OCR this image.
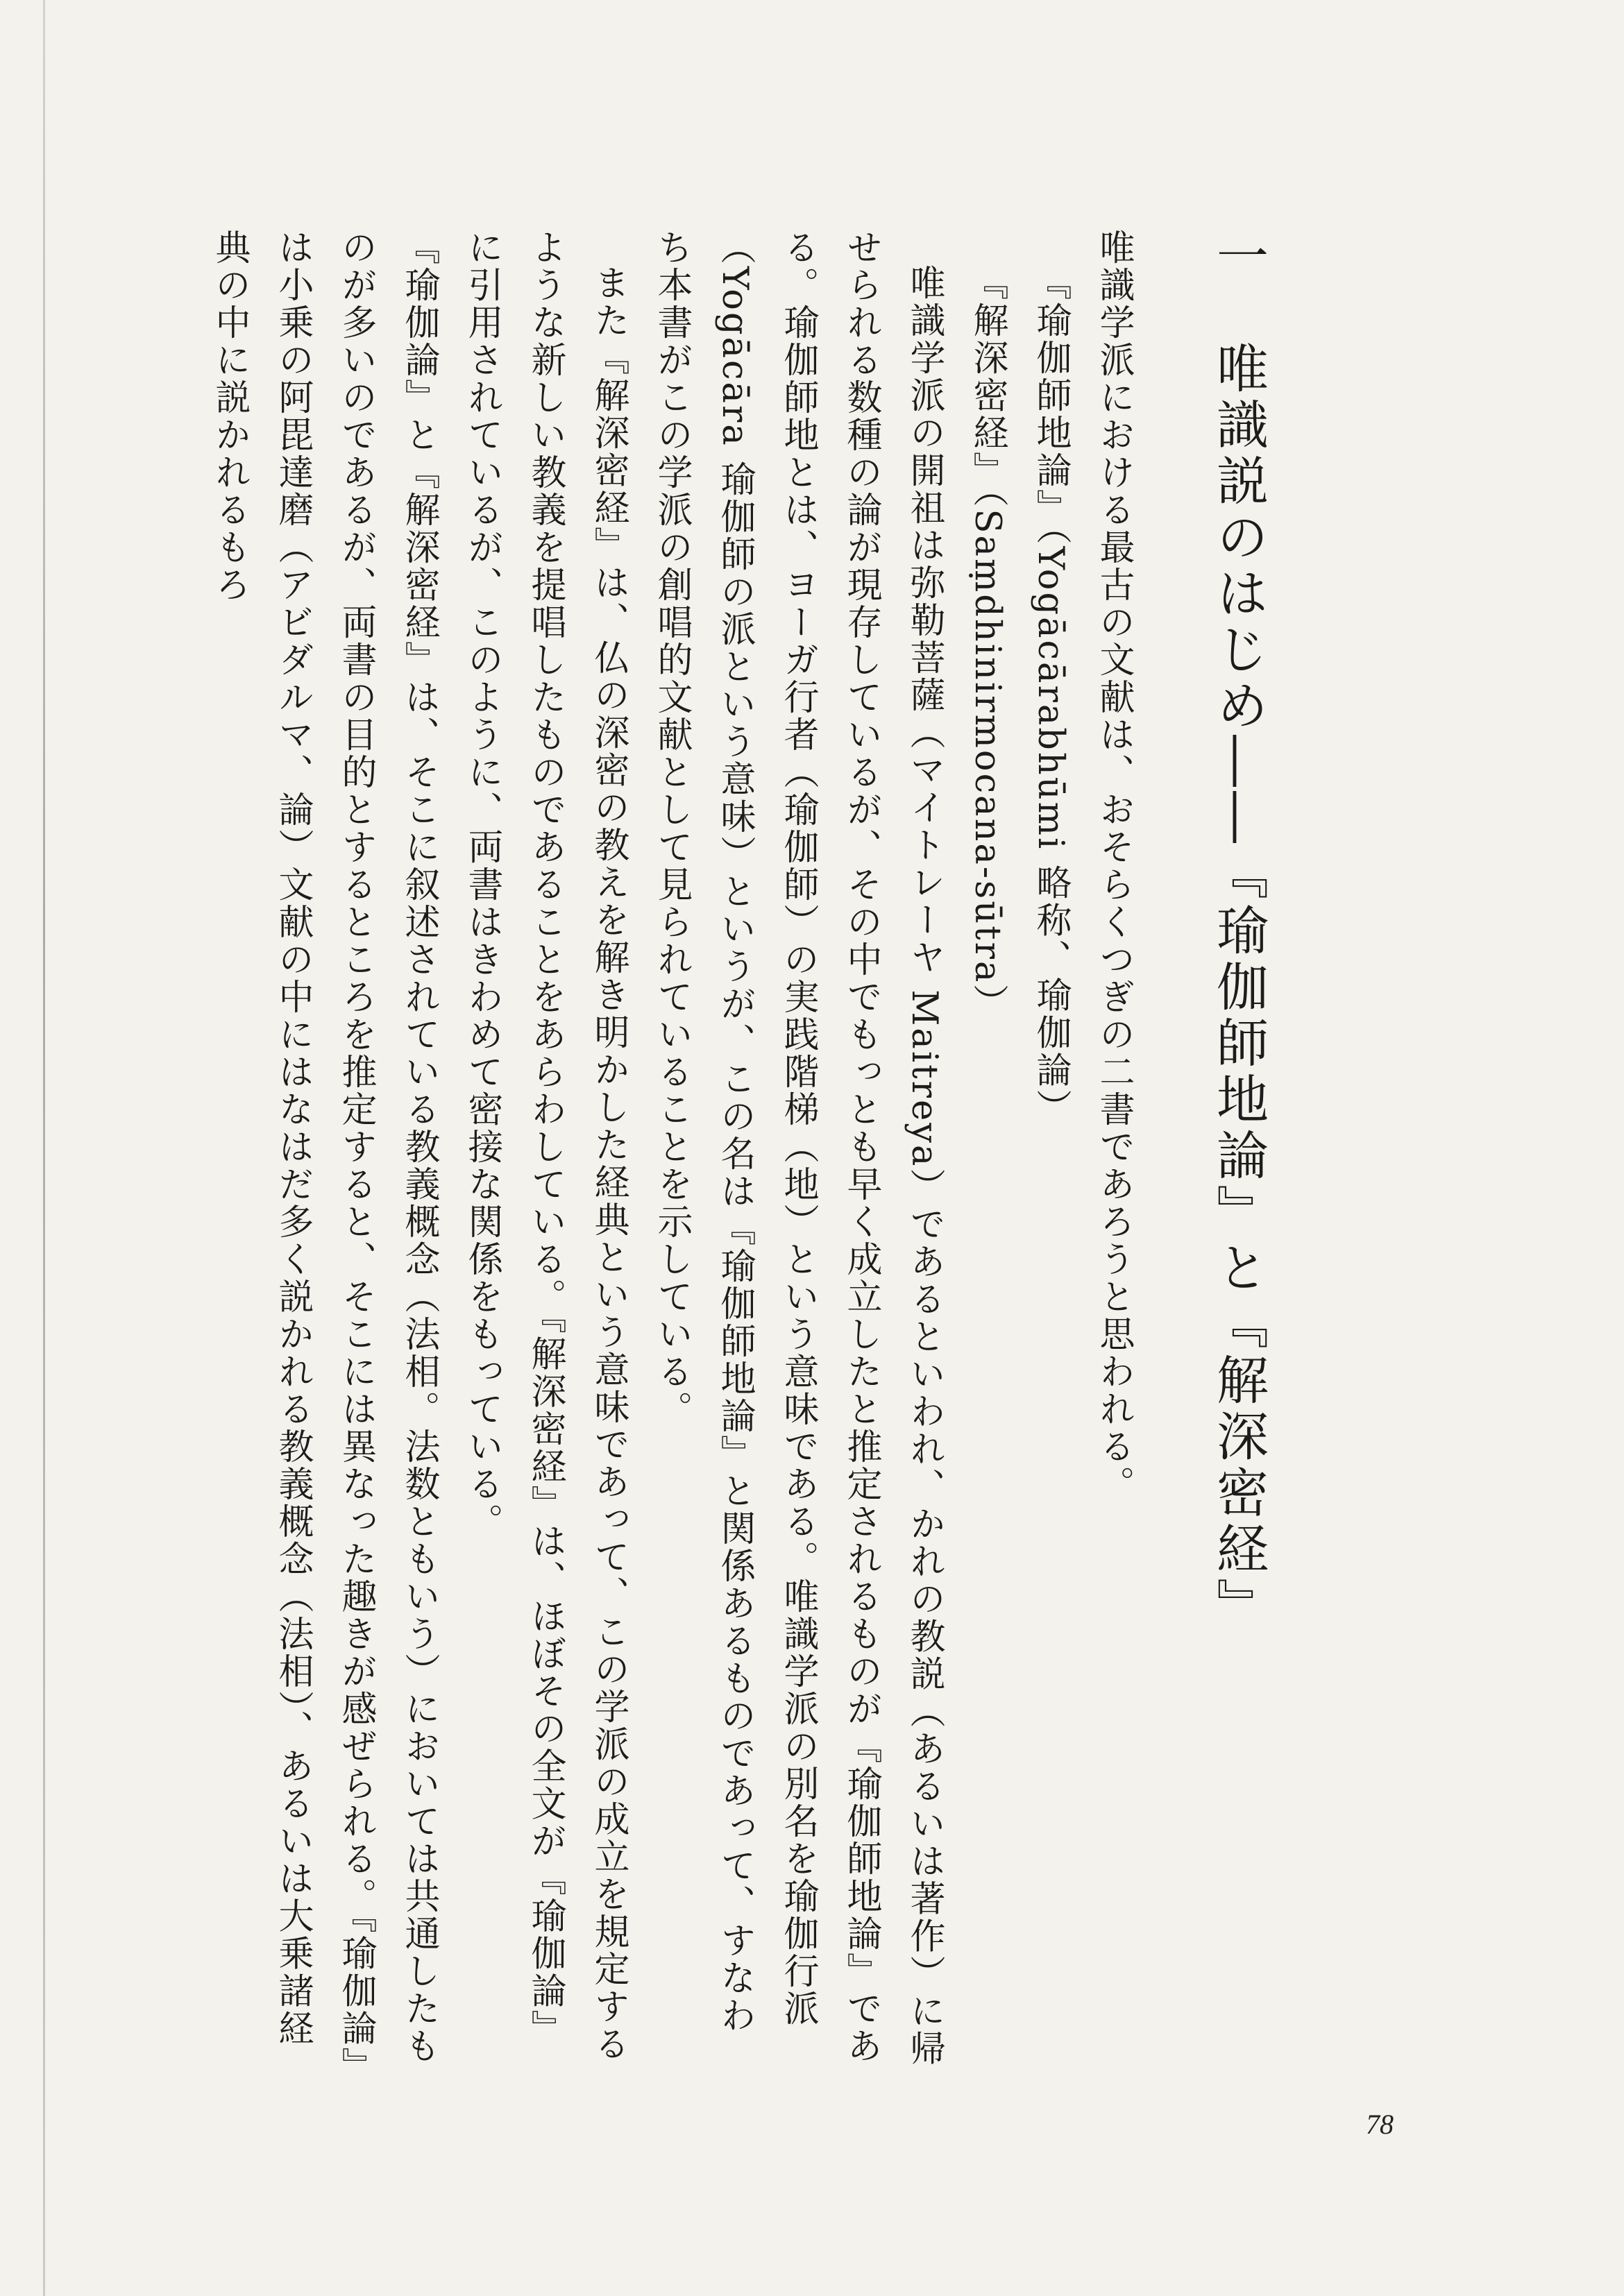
一　唯識説のはじめ――『瑜伽師地論』と『解深密経』

唯識学派における最古の文献は、おそらくつぎの二書であろうと思われる。

『瑜伽師地論』（Yogācārabhūmi 略称、瑜伽論）

『解深密経』（Saṃdhinirmocana-sūtra）

唯識学派の開祖は弥勒菩薩（マイトレーヤ Maitreya）であるといわれ、かれの教説（あるいは著作）に帰せられる数種の論が現存しているが、その中でもっとも早く成立したと推定されるものが『瑜伽師地論』である。瑜伽師地とは、ヨーガ行者（瑜伽師）の実践階梯（地）という意味である。唯識学派の別名を瑜伽行派（Yogācāra 瑜伽師の派という意味）というが、この名は『瑜伽師地論』と関係あるものであって、すなわち本書がこの学派の創唱的文献として見られていることを示している。

また『解深密経』は、仏の深密の教えを解き明かした経典という意味であって、この学派の成立を規定するような新しい教義を提唱したものであることをあらわしている。『解深密経』は、ほぼその全文が『瑜伽論』に引用されているが、このように、両書はきわめて密接な関係をもっている。

『瑜伽論』と『解深密経』は、そこに叙述されている教義概念（法相。法数ともいう）においては共通したものが多いのであるが、両書の目的とするところを推定すると、そこには異なった趣きが感ぜられる。『瑜伽論』は小乗の阿毘達磨（アビダルマ、論）文献の中にはなはだ多く説かれる教義概念（法相）、あるいは大乗諸経典の中に説かれるもろ

78
